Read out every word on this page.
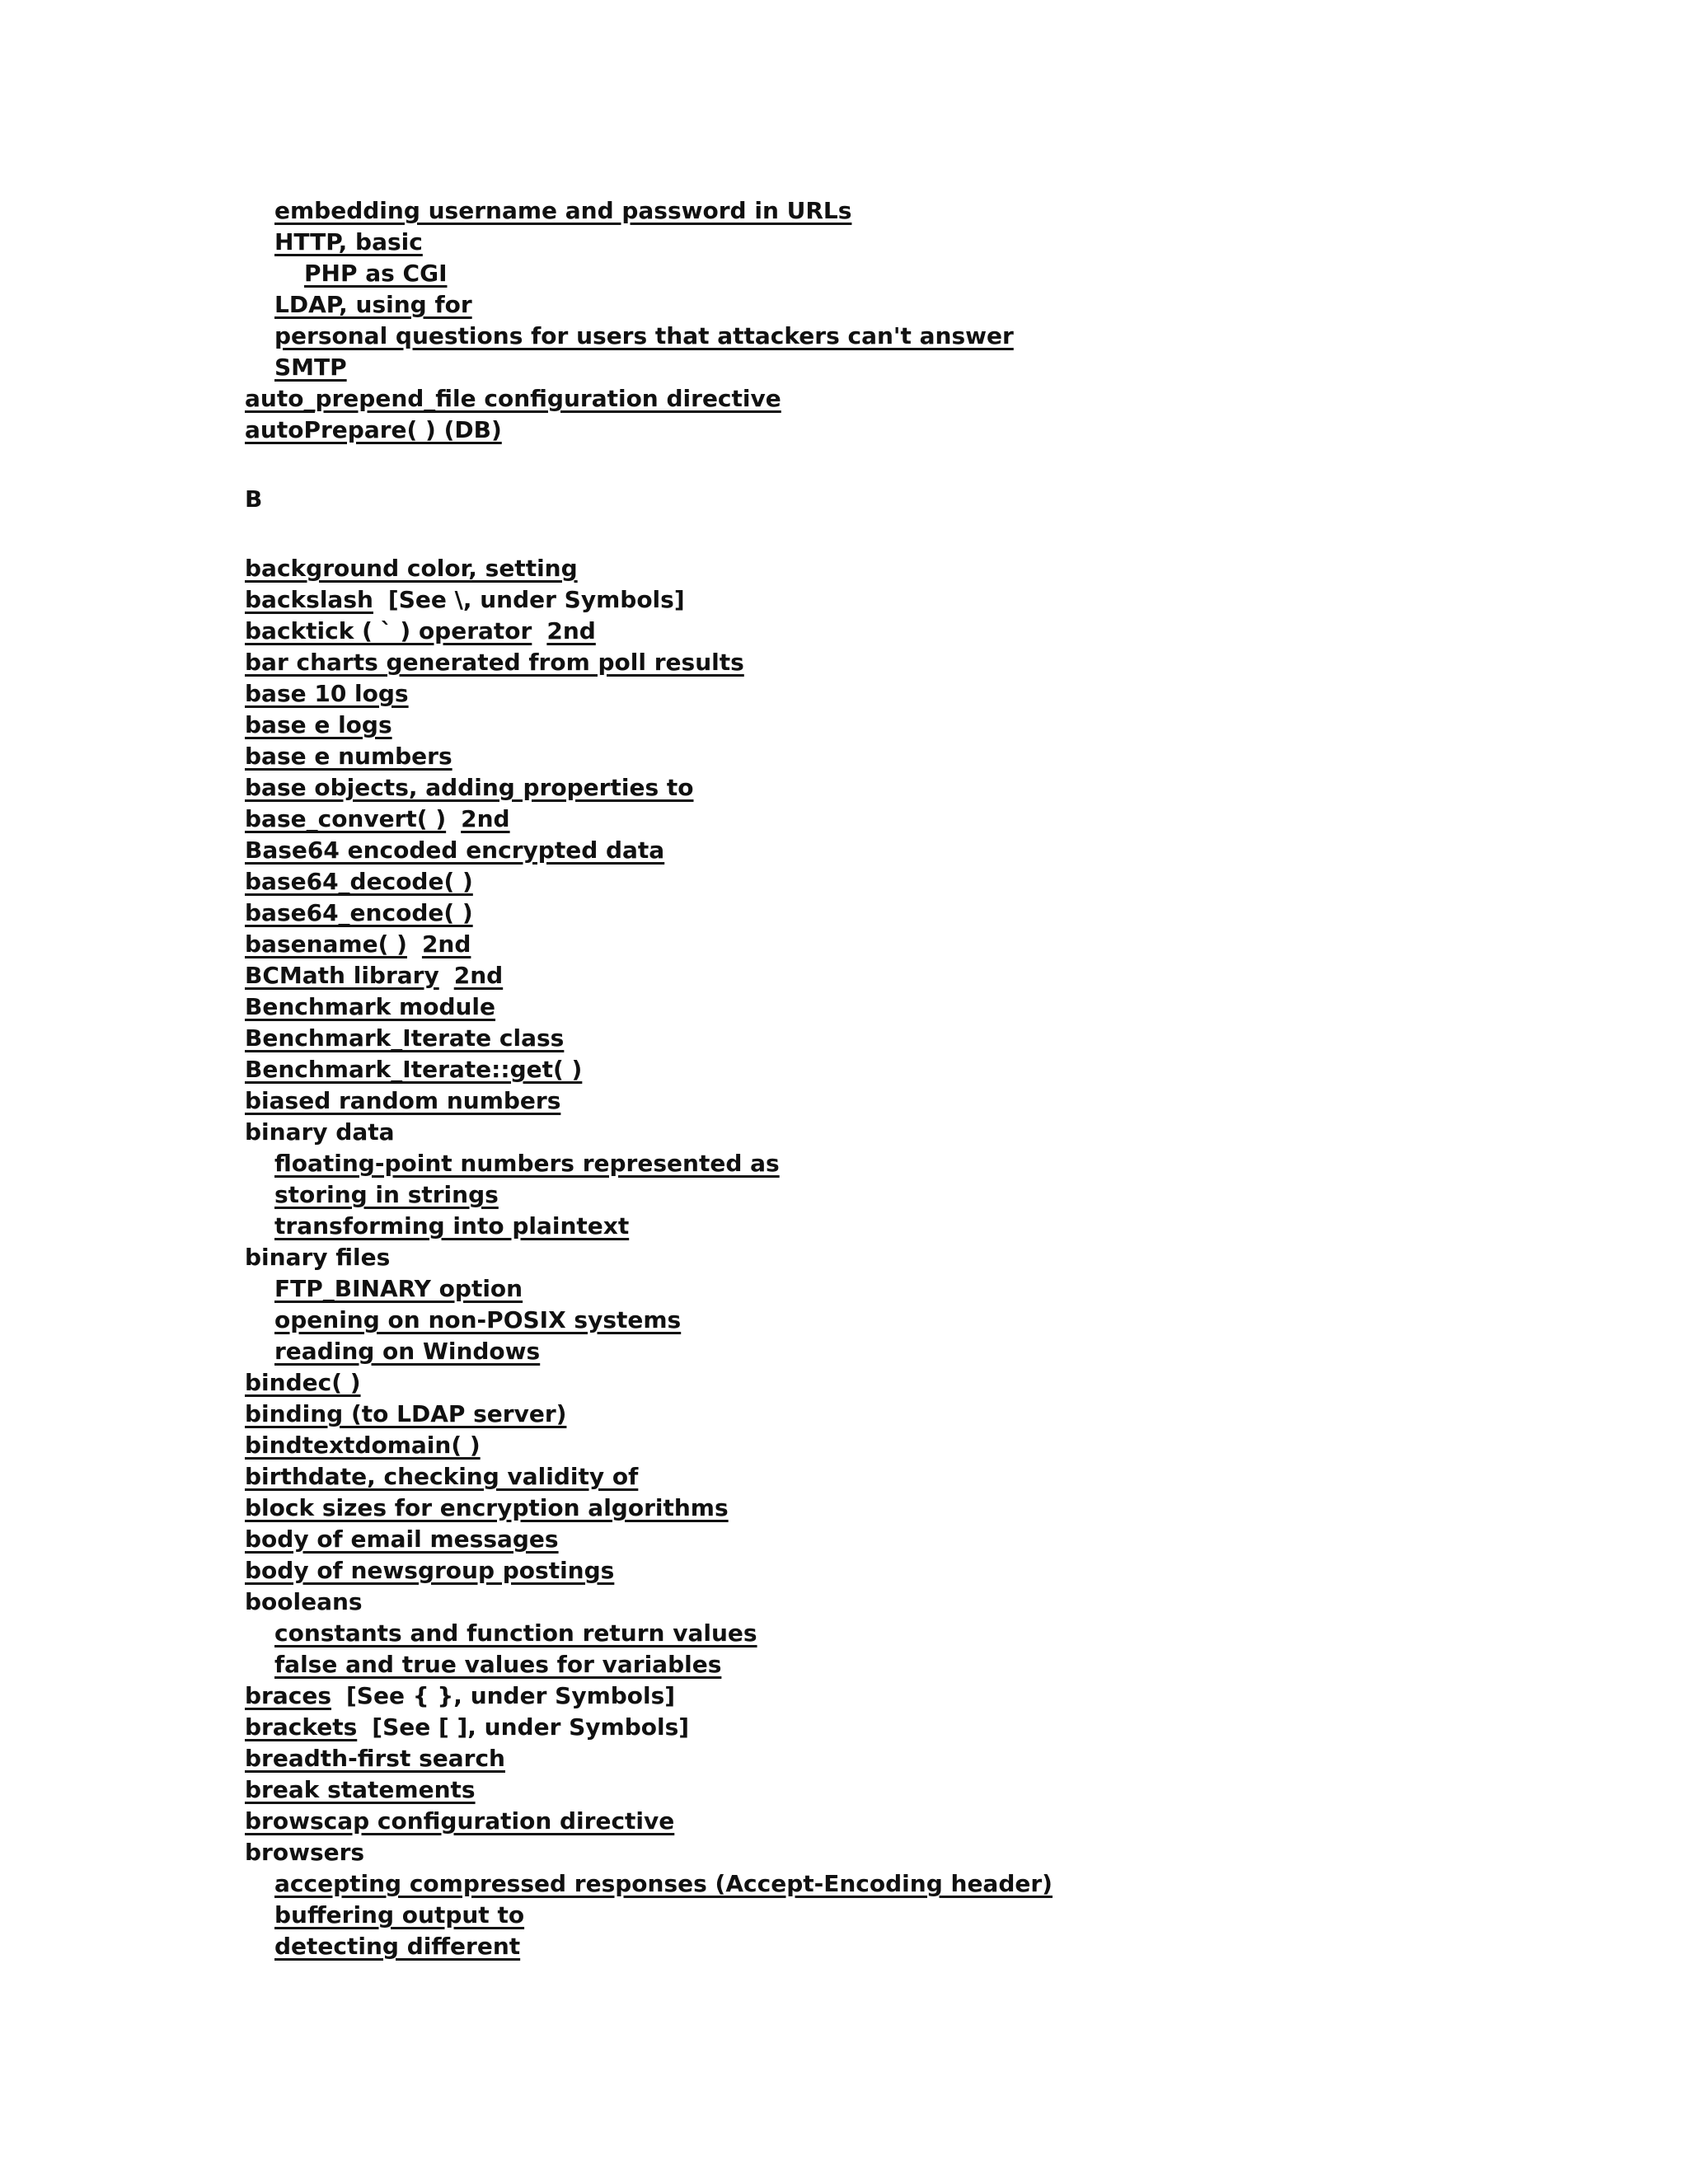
embedding username and password in URLs
HTTP, basic
PHP as CGI
LDAP, using for
personal questions for users that attackers can't answer
SMTP
auto_prepend_file configuration directive
autoPrepare( ) (DB)
B
background color, setting
backslash [See \, under Symbols]
backtick ( ` ) operator 2nd
bar charts generated from poll results
base 10 logs
base e logs
base e numbers
base objects, adding properties to
base_convert( ) 2nd
Base64 encoded encrypted data
base64_decode( )
base64_encode( )
basename( ) 2nd
BCMath library 2nd
Benchmark module
Benchmark_Iterate class
Benchmark_Iterate::get( )
biased random numbers
binary data
floating-point numbers represented as
storing in strings
transforming into plaintext
binary files
FTP_BINARY option
opening on non-POSIX systems
reading on Windows
bindec( )
binding (to LDAP server)
bindtextdomain( )
birthdate, checking validity of
block sizes for encryption algorithms
body of email messages
body of newsgroup postings
booleans
constants and function return values
false and true values for variables
braces [See { }, under Symbols]
brackets [See [ ], under Symbols]
breadth-first search
break statements
browscap configuration directive
browsers
accepting compressed responses (Accept-Encoding header)
buffering output to
detecting different
